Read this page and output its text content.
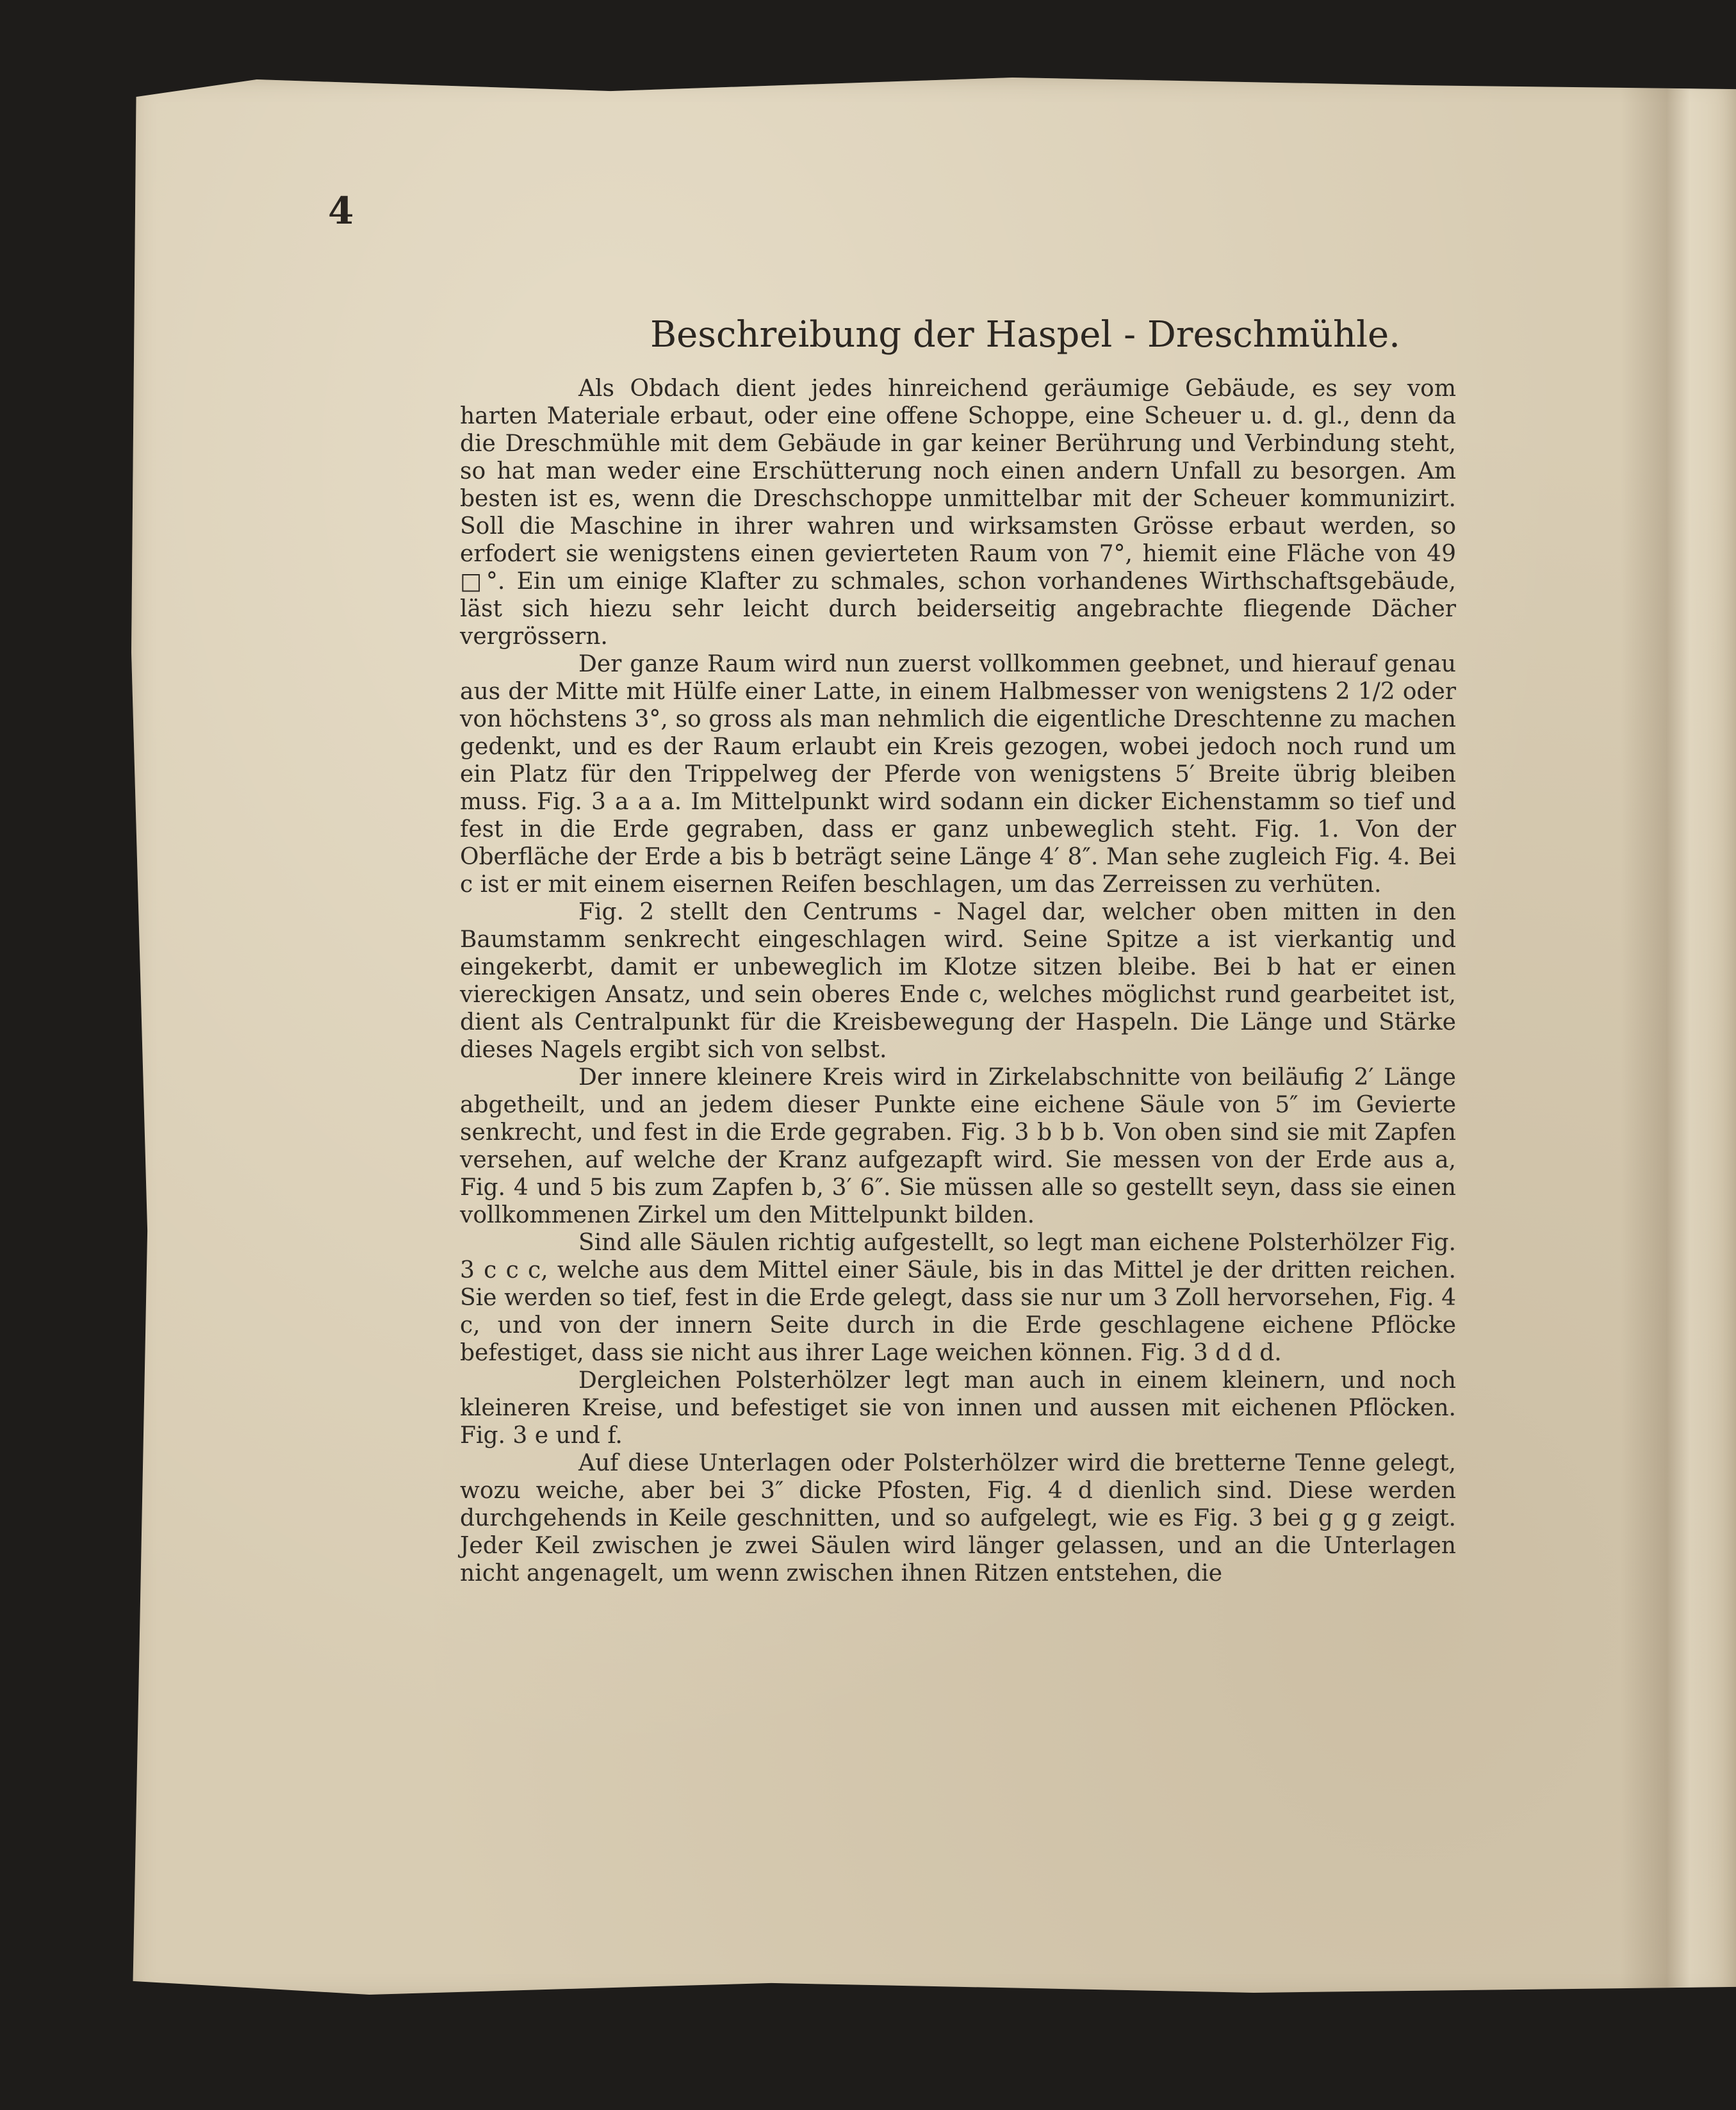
4
Beschreibung der Haspel - Dreschmühle.

Als Obdach dient jedes hinreichend geräumige Gebäude, es sey vom harten Materiale erbaut, oder eine offene Schoppe, eine Scheuer u. d. gl., denn da die Dreschmühle mit dem Gebäude in gar keiner Berührung und Verbindung steht, so hat man weder eine Erschütterung noch einen andern Unfall zu besorgen. Am besten ist es, wenn die Dreschschoppe unmittelbar mit der Scheuer kommunizirt. Soll die Maschine in ihrer wahren und wirksamsten Grösse erbaut werden, so erfodert sie wenigstens einen gevierteten Raum von 7°, hiemit eine Fläche von 49 □°. Ein um einige Klafter zu schmales, schon vorhandenes Wirthschaftsgebäude, läst sich hiezu sehr leicht durch beiderseitig angebrachte fliegende Dächer vergrössern.

Der ganze Raum wird nun zuerst vollkommen geebnet, und hierauf genau aus der Mitte mit Hülfe einer Latte, in einem Halbmesser von wenigstens 2 1/2 oder von höchstens 3°, so gross als man nehmlich die eigentliche Dreschtenne zu machen gedenkt, und es der Raum erlaubt ein Kreis gezogen, wobei jedoch noch rund um ein Platz für den Trippelweg der Pferde von wenigstens 5′ Breite übrig bleiben muss. Fig. 3 a a a. Im Mittelpunkt wird sodann ein dicker Eichenstamm so tief und fest in die Erde gegraben, dass er ganz unbeweglich steht. Fig. 1. Von der Oberfläche der Erde a bis b beträgt seine Länge 4′ 8″. Man sehe zugleich Fig. 4. Bei c ist er mit einem eisernen Reifen beschlagen, um das Zerreissen zu verhüten.

Fig. 2 stellt den Centrums - Nagel dar, welcher oben mitten in den Baumstamm senkrecht eingeschlagen wird. Seine Spitze a ist vierkantig und eingekerbt, damit er unbeweglich im Klotze sitzen bleibe. Bei b hat er einen viereckigen Ansatz, und sein oberes Ende c, welches möglichst rund gearbeitet ist, dient als Centralpunkt für die Kreisbewegung der Haspeln. Die Länge und Stärke dieses Nagels ergibt sich von selbst.

Der innere kleinere Kreis wird in Zirkelabschnitte von beiläufig 2′ Länge abgetheilt, und an jedem dieser Punkte eine eichene Säule von 5″ im Gevierte senkrecht, und fest in die Erde gegraben. Fig. 3 b b b. Von oben sind sie mit Zapfen versehen, auf welche der Kranz aufgezapft wird. Sie messen von der Erde aus a, Fig. 4 und 5 bis zum Zapfen b, 3′ 6″. Sie müssen alle so gestellt seyn, dass sie einen vollkommenen Zirkel um den Mittelpunkt bilden.

Sind alle Säulen richtig aufgestellt, so legt man eichene Polsterhölzer Fig. 3 c c c, welche aus dem Mittel einer Säule, bis in das Mittel je der dritten reichen. Sie werden so tief, fest in die Erde gelegt, dass sie nur um 3 Zoll hervorsehen, Fig. 4 c, und von der innern Seite durch in die Erde geschlagene eichene Pflöcke befestiget, dass sie nicht aus ihrer Lage weichen können. Fig. 3 d d d.

Dergleichen Polsterhölzer legt man auch in einem kleinern, und noch kleineren Kreise, und befestiget sie von innen und aussen mit eichenen Pflöcken. Fig. 3 e und f.

Auf diese Unterlagen oder Polsterhölzer wird die bretterne Tenne gelegt, wozu weiche, aber bei 3″ dicke Pfosten, Fig. 4 d dienlich sind. Diese werden durchgehends in Keile geschnitten, und so aufgelegt, wie es Fig. 3 bei g g g zeigt. Jeder Keil zwischen je zwei Säulen wird länger gelassen, und an die Unterlagen nicht angenagelt, um wenn zwischen ihnen Ritzen entstehen, die
